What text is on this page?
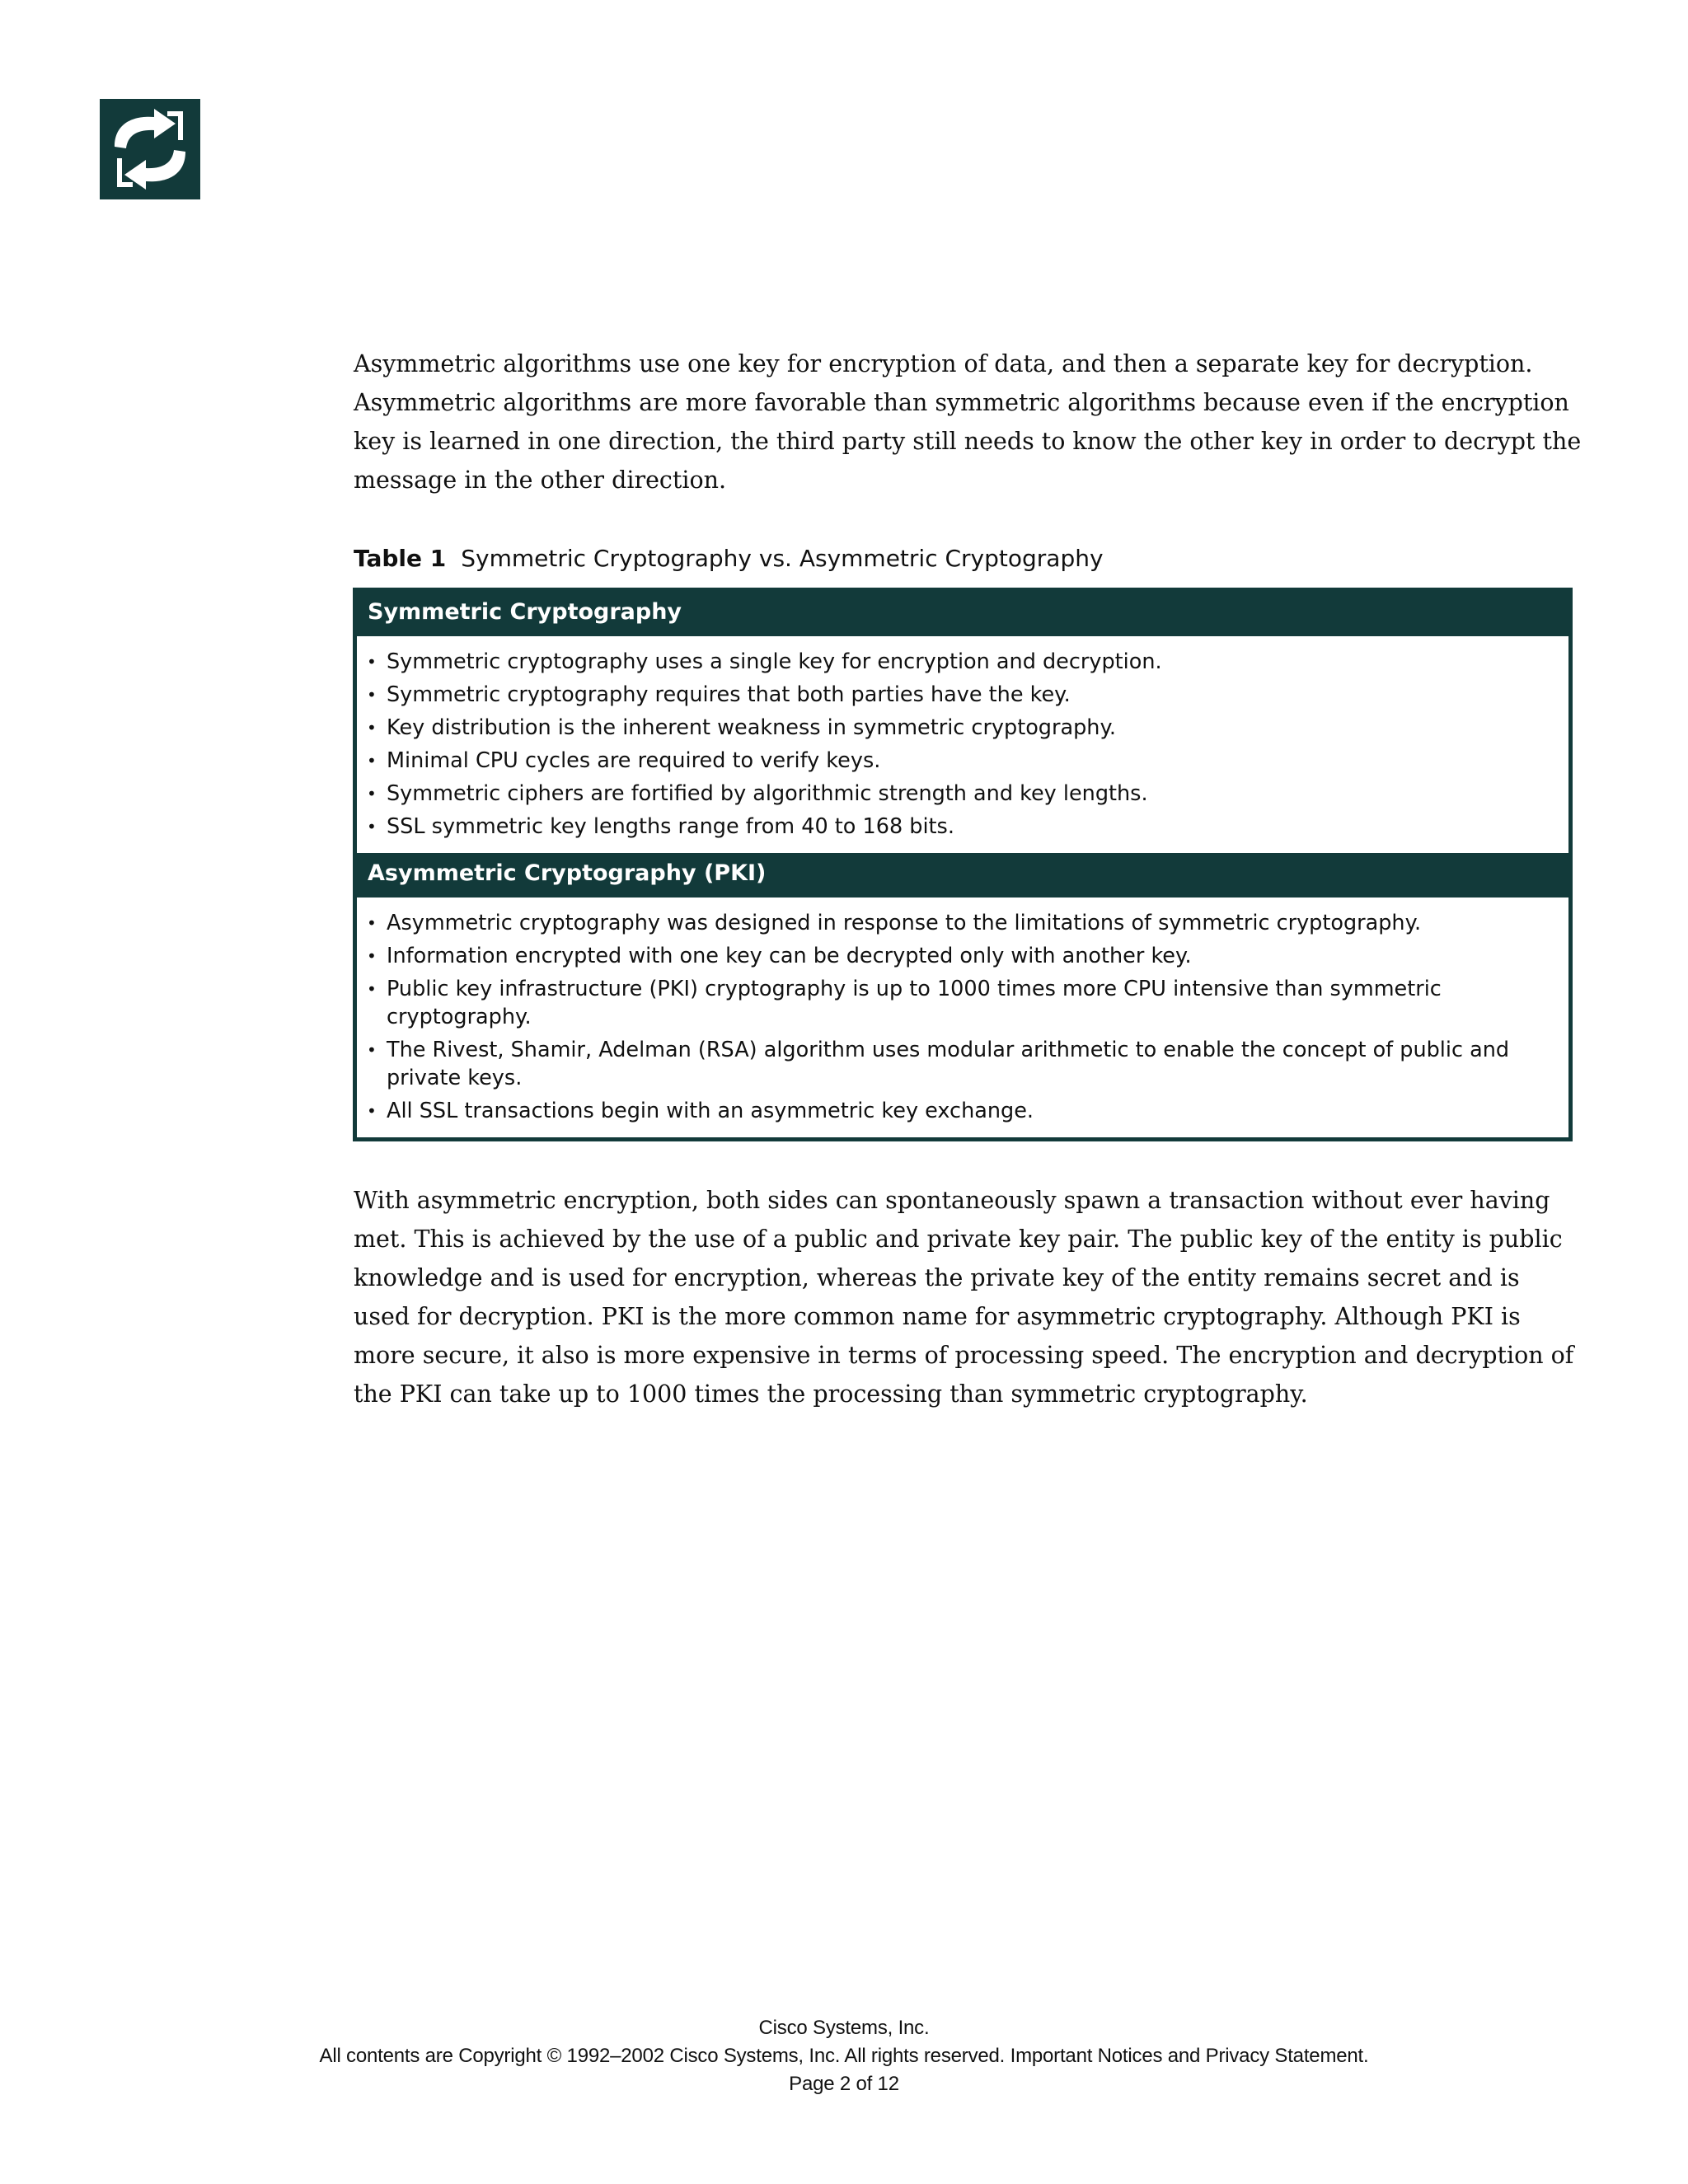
Asymmetric algorithms use one key for encryption of data, and then a separate key for decryption. Asymmetric algorithms are more favorable than symmetric algorithms because even if the encryption key is learned in one direction, the third party still needs to know the other key in order to decrypt the message in the other direction.

Table 1 Symmetric Cryptography vs. Asymmetric Cryptography
Symmetric Cryptography
• Symmetric cryptography uses a single key for encryption and decryption.
• Symmetric cryptography requires that both parties have the key.
• Key distribution is the inherent weakness in symmetric cryptography.
• Minimal CPU cycles are required to verify keys.
• Symmetric ciphers are fortified by algorithmic strength and key lengths.
• SSL symmetric key lengths range from 40 to 168 bits.
Asymmetric Cryptography (PKI)
• Asymmetric cryptography was designed in response to the limitations of symmetric cryptography.
• Information encrypted with one key can be decrypted only with another key.
• Public key infrastructure (PKI) cryptography is up to 1000 times more CPU intensive than symmetric cryptography.
• The Rivest, Shamir, Adelman (RSA) algorithm uses modular arithmetic to enable the concept of public and private keys.
• All SSL transactions begin with an asymmetric key exchange.

With asymmetric encryption, both sides can spontaneously spawn a transaction without ever having met. This is achieved by the use of a public and private key pair. The public key of the entity is public knowledge and is used for encryption, whereas the private key of the entity remains secret and is used for decryption. PKI is the more common name for asymmetric cryptography. Although PKI is more secure, it also is more expensive in terms of processing speed. The encryption and decryption of the PKI can take up to 1000 times the processing than symmetric cryptography.

Cisco Systems, Inc.
All contents are Copyright © 1992–2002 Cisco Systems, Inc. All rights reserved. Important Notices and Privacy Statement.
Page 2 of 12
